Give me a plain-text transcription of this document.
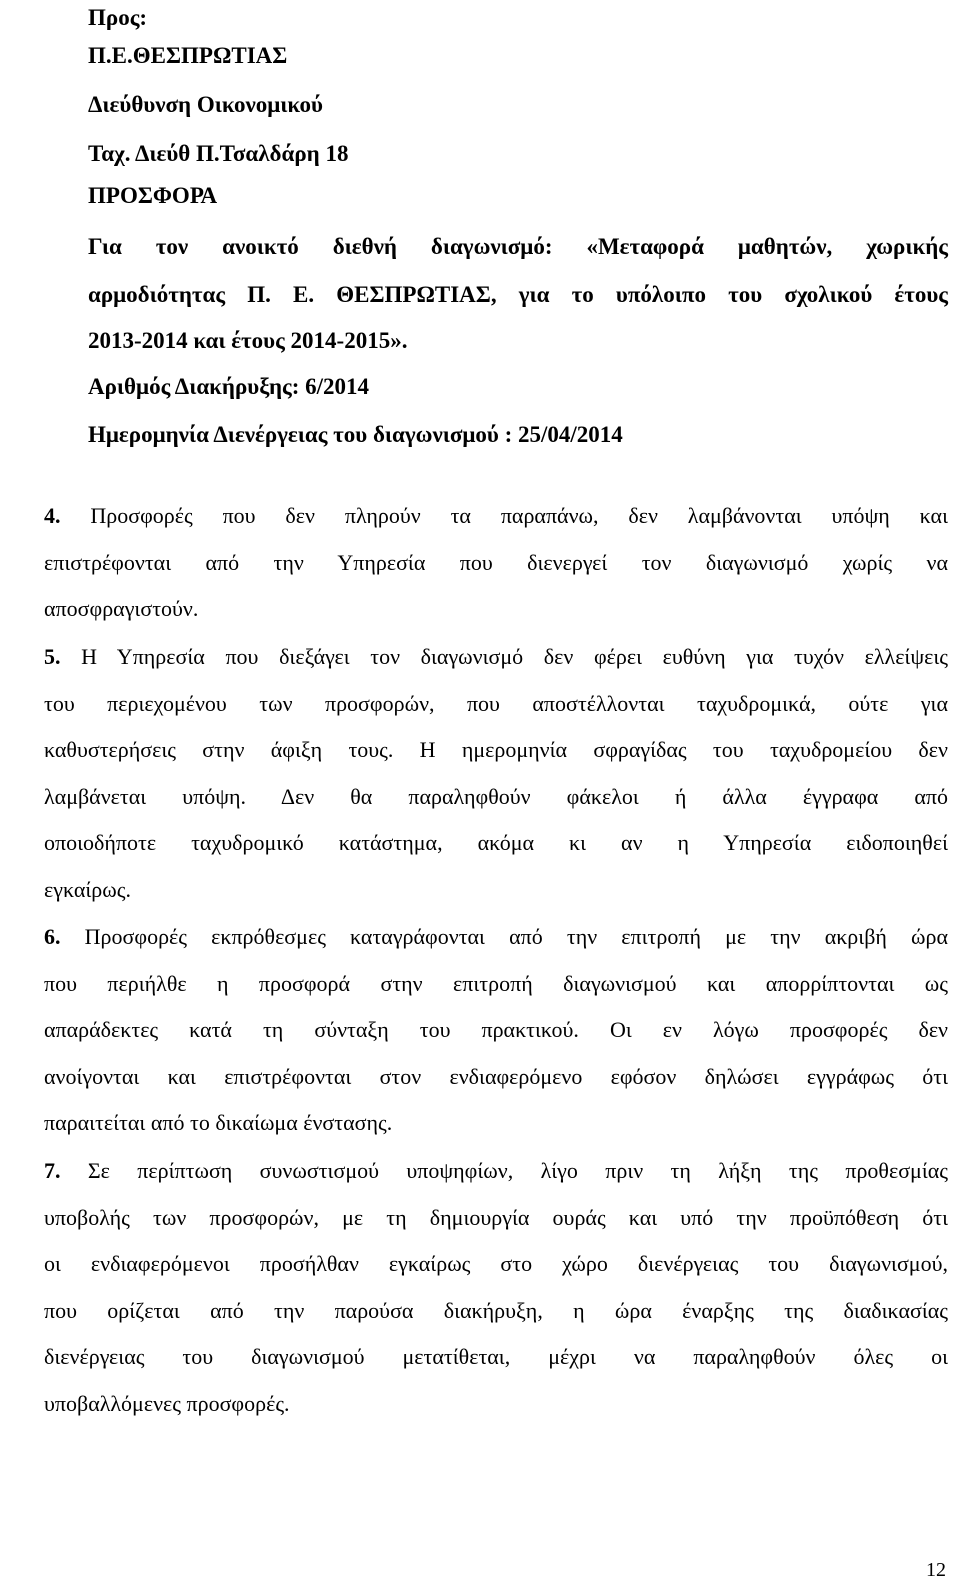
Προς:
Π.Ε.ΘΕΣΠΡΩΤΙΑΣ
Διεύθυνση Οικονομικού
Ταχ. Διεύθ Π.Τσαλδάρη 18
ΠΡΟΣΦΟΡΑ
Για τον ανοικτό διεθνή διαγωνισμό: «Μεταφορά μαθητών, χωρικής
αρμοδιότητας Π. Ε. ΘΕΣΠΡΩΤΙΑΣ, για το υπόλοιπο του σχολικού έτους
2013-2014 και έτους 2014-2015».
Αριθμός Διακήρυξης: 6/2014
Ημερομηνία Διενέργειας του διαγωνισμού : 25/04/2014
4. Προσφορές που δεν πληρούν τα παραπάνω, δεν λαμβάνονται υπόψη και
επιστρέφονται από την Υπηρεσία που διενεργεί τον διαγωνισμό χωρίς να
αποσφραγιστούν.
5. Η Υπηρεσία που διεξάγει τον διαγωνισμό δεν φέρει ευθύνη για τυχόν ελλείψεις
του περιεχομένου των προσφορών, που αποστέλλονται ταχυδρομικά, ούτε για
καθυστερήσεις στην άφιξη τους. Η ημερομηνία σφραγίδας του ταχυδρομείου δεν
λαμβάνεται υπόψη. Δεν θα παραληφθούν φάκελοι ή άλλα έγγραφα από
οποιοδήποτε ταχυδρομικό κατάστημα, ακόμα κι αν η Υπηρεσία ειδοποιηθεί
εγκαίρως.
6. Προσφορές εκπρόθεσμες καταγράφονται από την επιτροπή με την ακριβή ώρα
που περιήλθε η προσφορά στην επιτροπή διαγωνισμού και απορρίπτονται ως
απαράδεκτες κατά τη σύνταξη του πρακτικού. Οι εν λόγω προσφορές δεν
ανοίγονται και επιστρέφονται στον ενδιαφερόμενο εφόσον δηλώσει εγγράφως ότι
παραιτείται από το δικαίωμα ένστασης.
7. Σε περίπτωση συνωστισμού υποψηφίων, λίγο πριν τη λήξη της προθεσμίας
υποβολής των προσφορών, με τη δημιουργία ουράς και υπό την προϋπόθεση ότι
οι ενδιαφερόμενοι προσήλθαν εγκαίρως στο χώρο διενέργειας του διαγωνισμού,
που ορίζεται από την παρούσα διακήρυξη, η ώρα έναρξης της διαδικασίας
διενέργειας του διαγωνισμού μετατίθεται, μέχρι να παραληφθούν όλες οι
υποβαλλόμενες προσφορές.
12
